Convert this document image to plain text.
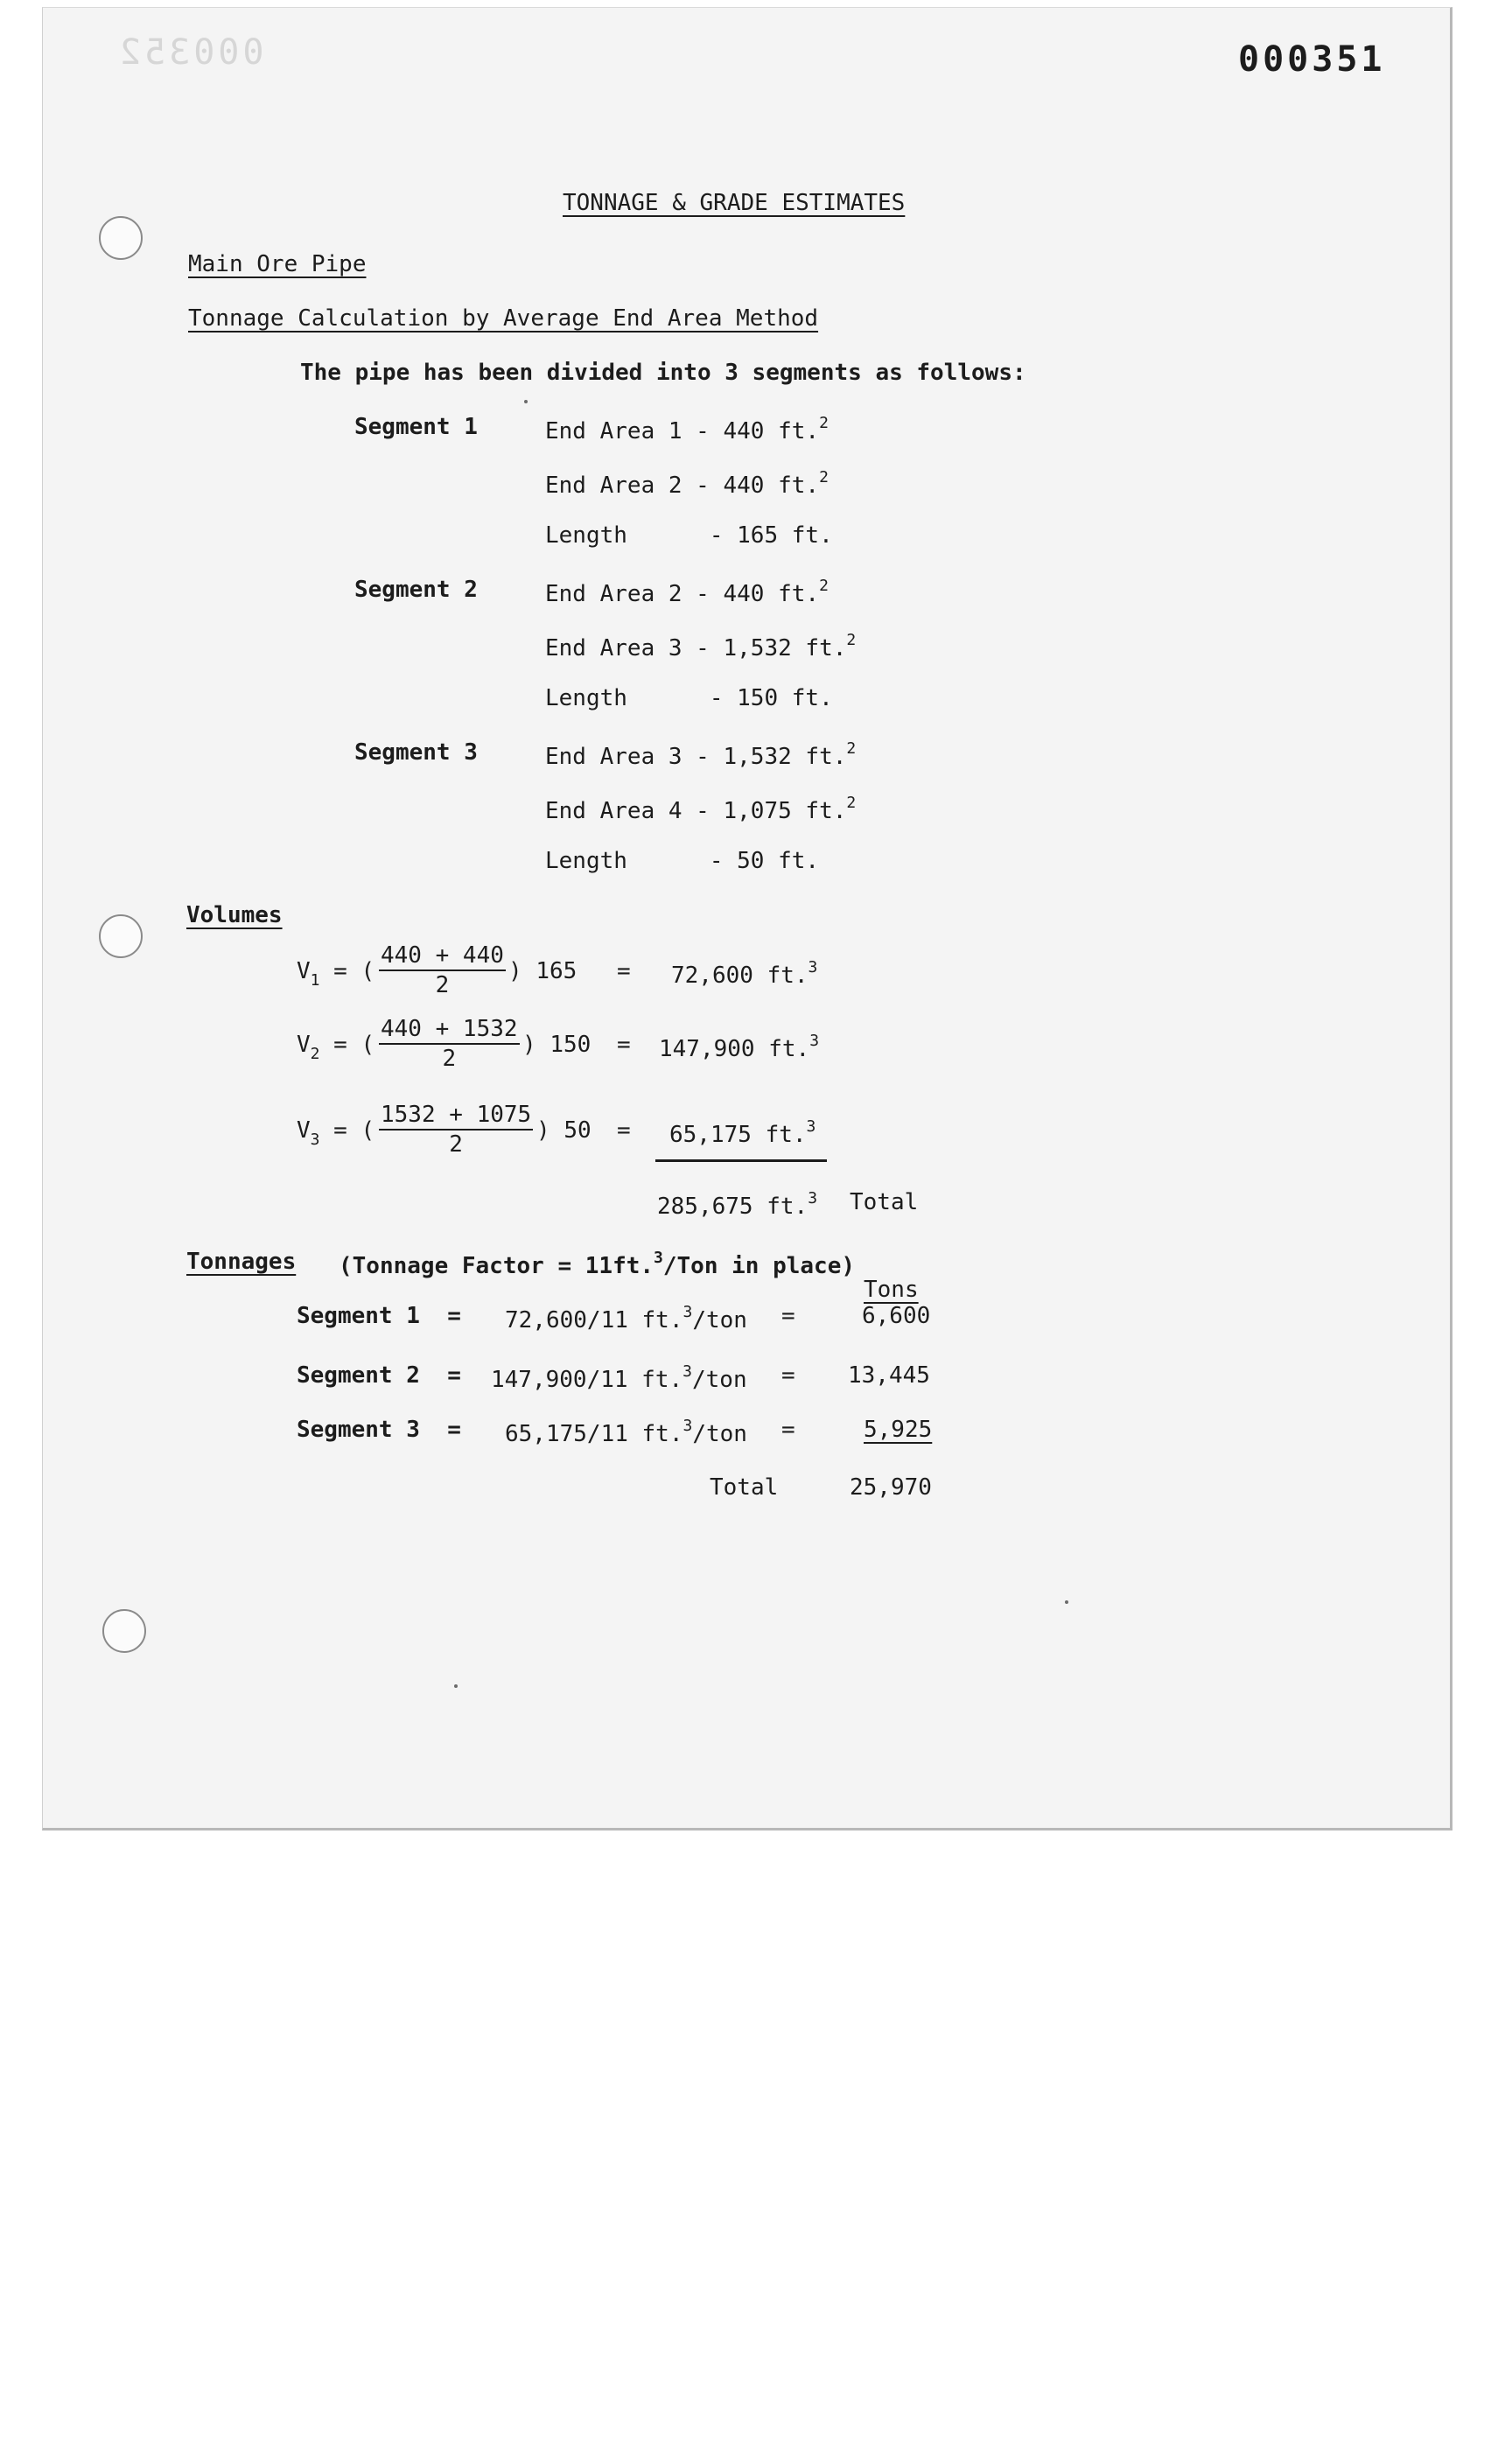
000352	000351
TONNAGE & GRADE ESTIMATES
Main Ore Pipe
Tonnage Calculation by Average End Area Method
The pipe has been divided into 3 segments as follows:
Segment 1	End Area 1 - 440 ft.$^2$
End Area 2 - 440 ft.$^2$
Length      - 165 ft.
Segment 2	End Area 2 - 440 ft.$^2$
End Area 3 - 1,532 ft.$^2$
Length      - 150 ft.
Segment 3	End Area 3 - 1,532 ft.$^2$
End Area 4 - 1,075 ft.$^2$
Length      - 50 ft.
Volumes
$V_1$ = ( $\frac{440 + 440}{2}$ ) 165 = 72,600 ft.$^3$
$V_2$ = ( $\frac{440 + 1532}{2}$ ) 150 = 147,900 ft.$^3$
$V_3$ = ( $\frac{1532 + 1075}{2}$ ) 50 = 65,175 ft.$^3$
285,675 ft.$^3$ Total
Tonnages (Tonnage Factor = 11ft.$^3$/Ton in place)
Tons
Segment 1 = 72,600/11 ft.$^3$/ton =	6,600
Segment 2 = 147,900/11 ft.$^3$/ton = 13,445
Segment 3 = 65,175/11 ft.$^3$/ton =	5,925
Total	25,970
